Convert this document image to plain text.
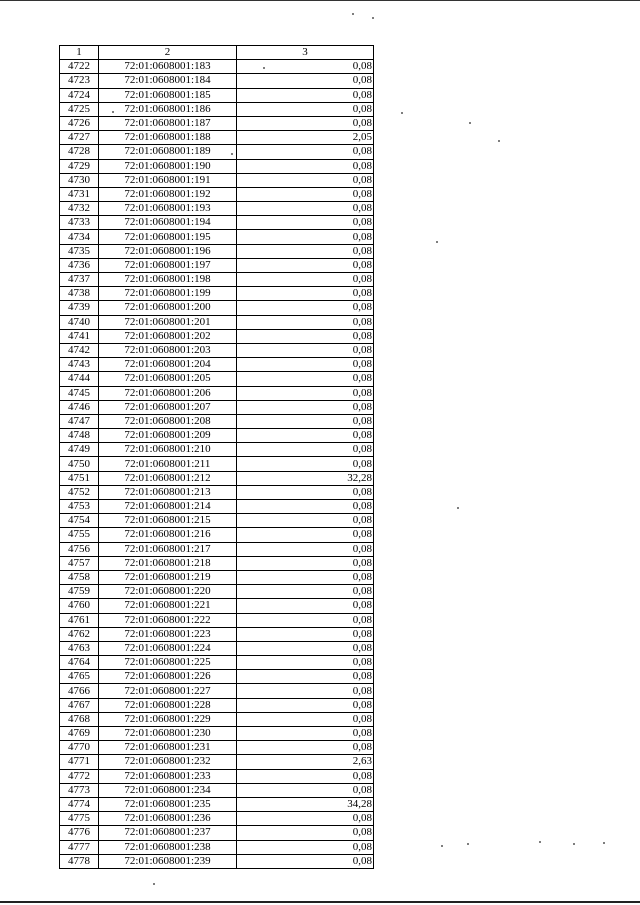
1	2	3
4722	72:01:0608001:183	0,08
4723	72:01:0608001:184	0,08
4724	72:01:0608001:185	0,08
4725	72:01:0608001:186	0,08
4726	72:01:0608001:187	0,08
4727	72:01:0608001:188	2,05
4728	72:01:0608001:189	0,08
4729	72:01:0608001:190	0,08
4730	72:01:0608001:191	0,08
4731	72:01:0608001:192	0,08
4732	72:01:0608001:193	0,08
4733	72:01:0608001:194	0,08
4734	72:01:0608001:195	0,08
4735	72:01:0608001:196	0,08
4736	72:01:0608001:197	0,08
4737	72:01:0608001:198	0,08
4738	72:01:0608001:199	0,08
4739	72:01:0608001:200	0,08
4740	72:01:0608001:201	0,08
4741	72:01:0608001:202	0,08
4742	72:01:0608001:203	0,08
4743	72:01:0608001:204	0,08
4744	72:01:0608001:205	0,08
4745	72:01:0608001:206	0,08
4746	72:01:0608001:207	0,08
4747	72:01:0608001:208	0,08
4748	72:01:0608001:209	0,08
4749	72:01:0608001:210	0,08
4750	72:01:0608001:211	0,08
4751	72:01:0608001:212	32,28
4752	72:01:0608001:213	0,08
4753	72:01:0608001:214	0,08
4754	72:01:0608001:215	0,08
4755	72:01:0608001:216	0,08
4756	72:01:0608001:217	0,08
4757	72:01:0608001:218	0,08
4758	72:01:0608001:219	0,08
4759	72:01:0608001:220	0,08
4760	72:01:0608001:221	0,08
4761	72:01:0608001:222	0,08
4762	72:01:0608001:223	0,08
4763	72:01:0608001:224	0,08
4764	72:01:0608001:225	0,08
4765	72:01:0608001:226	0,08
4766	72:01:0608001:227	0,08
4767	72:01:0608001:228	0,08
4768	72:01:0608001:229	0,08
4769	72:01:0608001:230	0,08
4770	72:01:0608001:231	0,08
4771	72:01:0608001:232	2,63
4772	72:01:0608001:233	0,08
4773	72:01:0608001:234	0,08
4774	72:01:0608001:235	34,28
4775	72:01:0608001:236	0,08
4776	72:01:0608001:237	0,08
4777	72:01:0608001:238	0,08
4778	72:01:0608001:239	0,08
